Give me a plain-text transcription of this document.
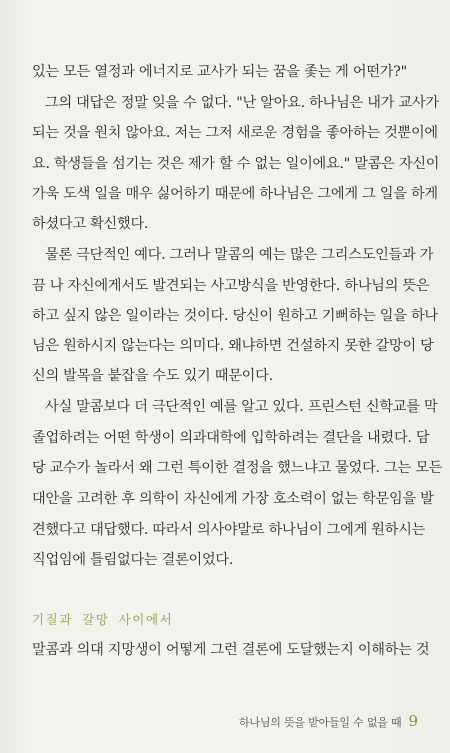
있는 모든 열정과 에너지로 교사가 되는 꿈을 좇는 게 어떤가?"
그의 대답은 정말 잊을 수 없다. "난 알아요. 하나님은 내가 교사가
되는 것을 원치 않아요. 저는 그저 새로운 경험을 좋아하는 것뿐이에
요. 학생들을 섬기는 것은 제가 할 수 없는 일이에요." 말콤은 자신이
가욱 도색 일을 매우 싫어하기 때문에 하나님은 그에게 그 일을 하게
하셨다고 확신했다.
물론 극단적인 예다. 그러나 말콤의 예는 많은 그리스도인들과 가
끔 나 자신에게서도 발견되는 사고방식을 반영한다. 하나님의 뜻은
하고 싶지 않은 일이라는 것이다. 당신이 원하고 기뻐하는 일을 하나
님은 원하시지 않는다는 의미다. 왜냐하면 건설하지 못한 갈망이 당
신의 발목을 붙잡을 수도 있기 때문이다.
사실 말콤보다 더 극단적인 예를 알고 있다. 프린스턴 신학교를 막
졸업하려는 어떤 학생이 의과대학에 입학하려는 결단을 내렸다. 담
당 교수가 놀라서 왜 그런 특이한 결정을 했느냐고 물었다. 그는 모든
대안을 고려한 후 의학이 자신에게 가장 호소력이 없는 학문임을 발
견했다고 대답했다. 따라서 의사야말로 하나님이 그에게 원하시는
직업임에 틀림없다는 결론이었다.
기질과 갈망 사이에서
말콤과 의대 지망생이 어떻게 그런 결론에 도달했는지 이해하는 것
하나님의 뜻을 받아들일 수 없을 때 9
